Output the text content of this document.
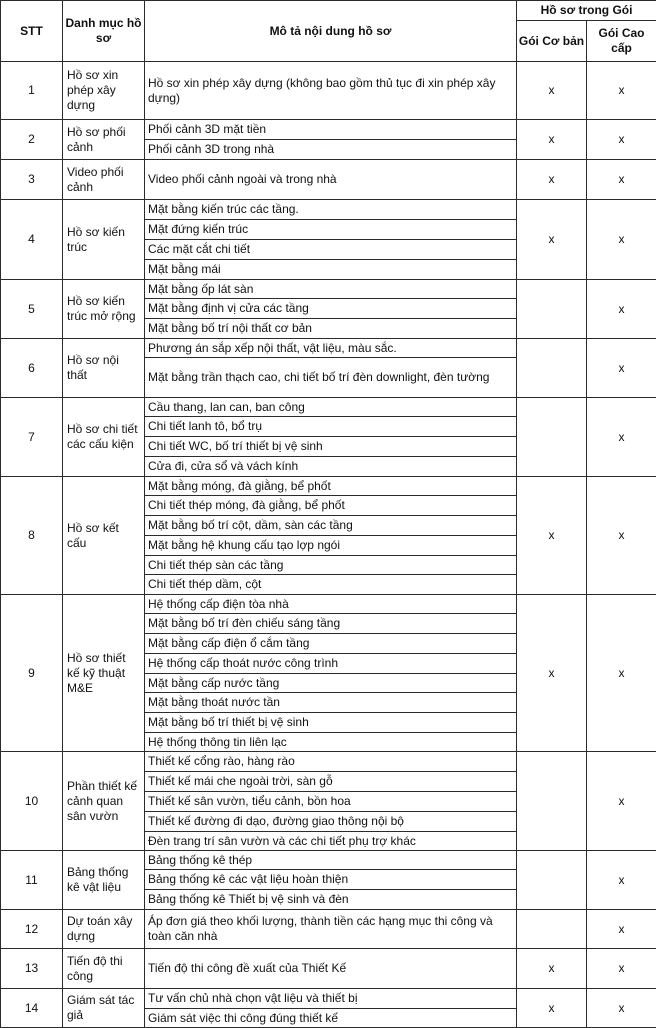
STT	Danh mục hồ sơ	Mô tả nội dung hồ sơ	Hồ sơ trong Gói	
			Gói Cơ bản	Gói Cao cấp
1	Hồ sơ xin phép xây dựng	Hồ sơ xin phép xây dựng (không bao gồm thủ tục đi xin phép xây dựng)	x	x
2	Hồ sơ phối cảnh	Phối cảnh 3D mặt tiền	x	x
		Phối cảnh 3D trong nhà		
3	Video phối cảnh	Video phối cảnh ngoài và trong nhà	x	x
4	Hồ sơ kiến trúc	Mặt bằng kiến trúc các tầng.	x	x
		Mặt đứng kiến trúc		
		Các mặt cắt chi tiết		
		Mặt bằng mái		
5	Hồ sơ kiến trúc mở rộng	Mặt bằng ốp lát sàn		x
		Mặt bằng định vị cửa các tầng		
		Mặt bằng bố trí nội thất cơ bản		
6	Hồ sơ nội thất	Phương án sắp xếp nội thất, vật liệu, màu sắc.		x
		Mặt bằng trần thạch cao, chi tiết bố trí đèn downlight, đèn tường		
7	Hồ sơ chi tiết các cấu kiện	Cầu thang, lan can, ban công		x
		Chi tiết lanh tô, bổ trụ		
		Chi tiết WC, bố trí thiết bị vệ sinh		
		Cửa đi, cửa sổ và vách kính		
8	Hồ sơ kết cấu	Mặt bằng móng, đà giằng, bể phốt	x	x
		Chi tiết thép móng, đà giằng, bể phốt		
		Mặt bằng bố trí cột, dầm, sàn các tầng		
		Mặt bằng hệ khung cấu tạo lợp ngói		
		Chi tiết thép sàn các tầng		
		Chi tiết thép dầm, cột		
9	Hồ sơ thiết kế kỹ thuật M&E	Hệ thống cấp điện tòa nhà	x	x
		Mặt bằng bố trí đèn chiếu sáng tầng		
		Mặt bằng cấp điện ổ cắm tầng		
		Hệ thống cấp thoát nước công trình		
		Mặt bằng cấp nước tầng		
		Mặt bằng thoát nước tần		
		Mặt bằng bố trí thiết bị vệ sinh		
		Hệ thống thông tin liên lạc		
10	Phần thiết kế cảnh quan sân vườn	Thiết kế cổng rào, hàng rào		x
		Thiết kế mái che ngoài trời, sàn gỗ		
		Thiết kế sân vườn, tiểu cảnh, bồn hoa		
		Thiết kế đường đi dạo, đường giao thông nội bộ		
		Đèn trang trí sân vườn và các chi tiết phụ trợ khác		
11	Bảng thống kê vật liệu	Bảng thống kê thép		x
		Bảng thống kê các vật liệu hoàn thiện		
		Bảng thống kê Thiết bị vệ sinh và đèn		
12	Dự toán xây dựng	Áp đơn giá theo khối lượng, thành tiền các hạng mục thi công và toàn căn nhà		x
13	Tiến độ thi công	Tiến độ thi công đề xuất của Thiết Kế	x	x
14	Giám sát tác giả	Tư vấn chủ nhà chọn vật liệu và thiết bị	x	x
		Giám sát việc thi công đúng thiết kế		
